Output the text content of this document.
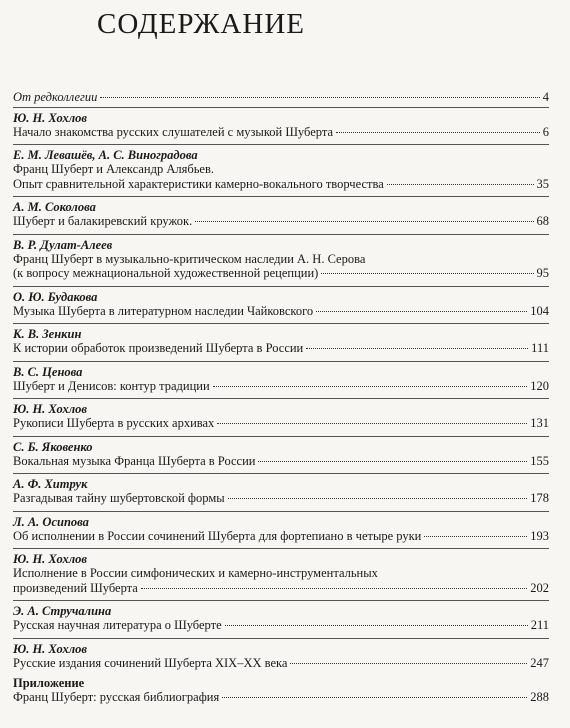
СОДЕРЖАНИЕ
От редколлегии	4
Ю. Н. Хохлов
Начало знакомства русских слушателей с музыкой Шуберта	6
Е. М. Левашёв, А. С. Виноградова
Франц Шуберт и Александр Алябьев.
Опыт сравнительной характеристики камерно-вокального творчества	35
А. М. Соколова
Шуберт и балакиревский кружок.	68
В. Р. Дулат-Алеев
Франц Шуберт в музыкально-критическом наследии А. Н. Серова
(к вопросу межнациональной художественной рецепции)	95
О. Ю. Будакова
Музыка Шуберта в литературном наследии Чайковского	104
К. В. Зенкин
К истории обработок произведений Шуберта в России	111
В. С. Ценова
Шуберт и Денисов: контур традиции	120
Ю. Н. Хохлов
Рукописи Шуберта в русских архивах	131
С. Б. Яковенко
Вокальная музыка Франца Шуберта в России	155
А. Ф. Хитрук
Разгадывая тайну шубертовской формы	178
Л. А. Осипова
Об исполнении в России сочинений Шуберта для фортепиано в четыре руки	193
Ю. Н. Хохлов
Исполнение в России симфонических и камерно-инструментальных
произведений Шуберта	202
Э. А. Стручалина
Русская научная литература о Шуберте	211
Ю. Н. Хохлов
Русские издания сочинений Шуберта XIX–XX века	247
Приложение
Франц Шуберт: русская библиография	288
